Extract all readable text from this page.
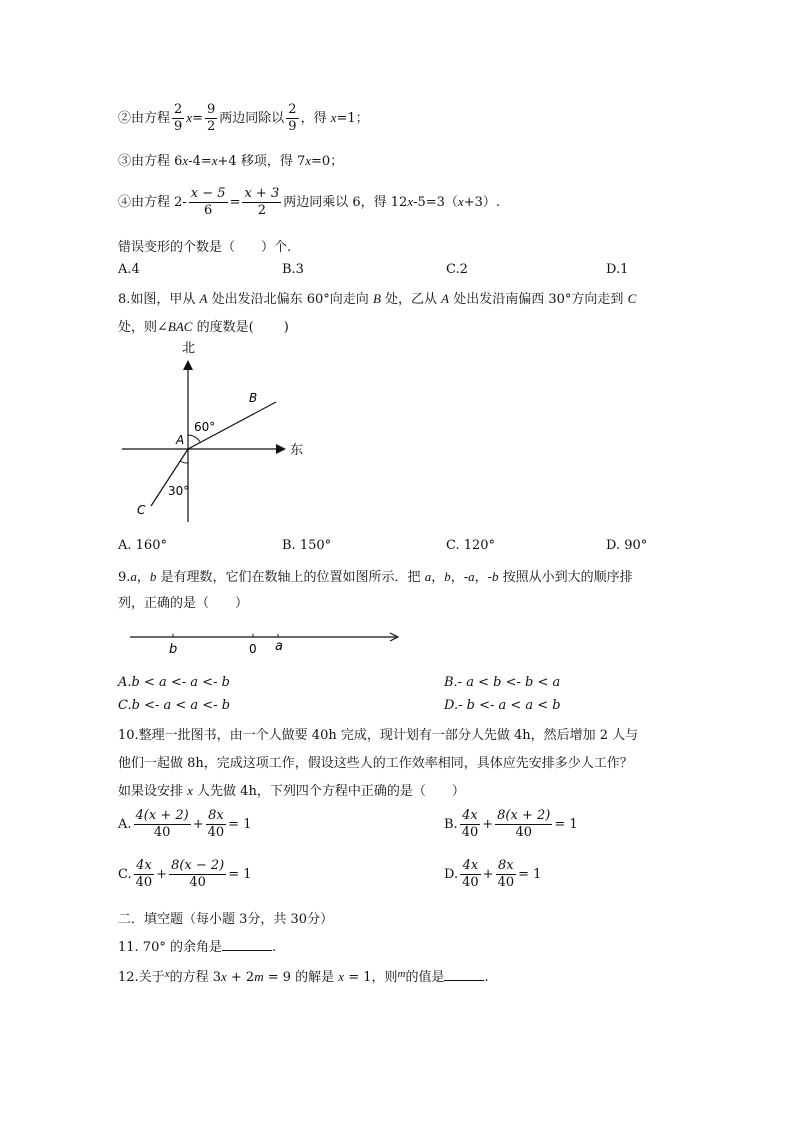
②由方程 $\frac{2}{9} x= \frac{9}{2}$ 两边同除以 $\frac{2}{9}$ ，得 x=1；
③由方程 6x-4=x+4 移项，得 7x=0；
④由方程 $2- \frac{x - 5}{6} = \frac{x + 3}{2}$ 两边同乘以 6，得 12x-5=3（x+3）.
错误变形的个数是（　　）个.
A.4	B.3	C.2	D.1
8.如图，甲从 A 处出发沿北偏东 60°向走向 B 处，乙从 A 处出发沿南偏西 30°方向走到 C
处，则∠BAC 的度数是(　　 )
北
东
A
B
C
60°
30°
A. 160°	B. 150°	C. 120°	D. 90°
9.a，b 是有理数，它们在数轴上的位置如图所示．把 a，b，-a，-b 按照从小到大的顺序排
列，正确的是（　　）
b	0 a
A.b < a <- a <- b	B.- a < b <- b < a
C.b <- a < a <- b	D.- b <- a < a < b
10.整理一批图书，由一个人做要 40h 完成，现计划有一部分人先做 4h，然后增加 2 人与
他们一起做 8h，完成这项工作，假设这些人的工作效率相同，具体应先安排多少人工作？
如果设安排 x 人先做 4h，下列四个方程中正确的是（　　）
A. $\frac{4(x + 2)}{40} + \frac{8x}{40} = 1$	B. $\frac{4x}{40} + \frac{8(x + 2)}{40} = 1$
C. $\frac{4x}{40} + \frac{8(x - 2)}{40} = 1$	D. $\frac{4x}{40} + \frac{8x}{40} = 1$
二．填空题（每小题 3分，共 30分）
11. 70° 的余角是	.
12.关于$^x$的方程 3x + 2m = 9 的解是 x = 1，则$^m$的值是	.
